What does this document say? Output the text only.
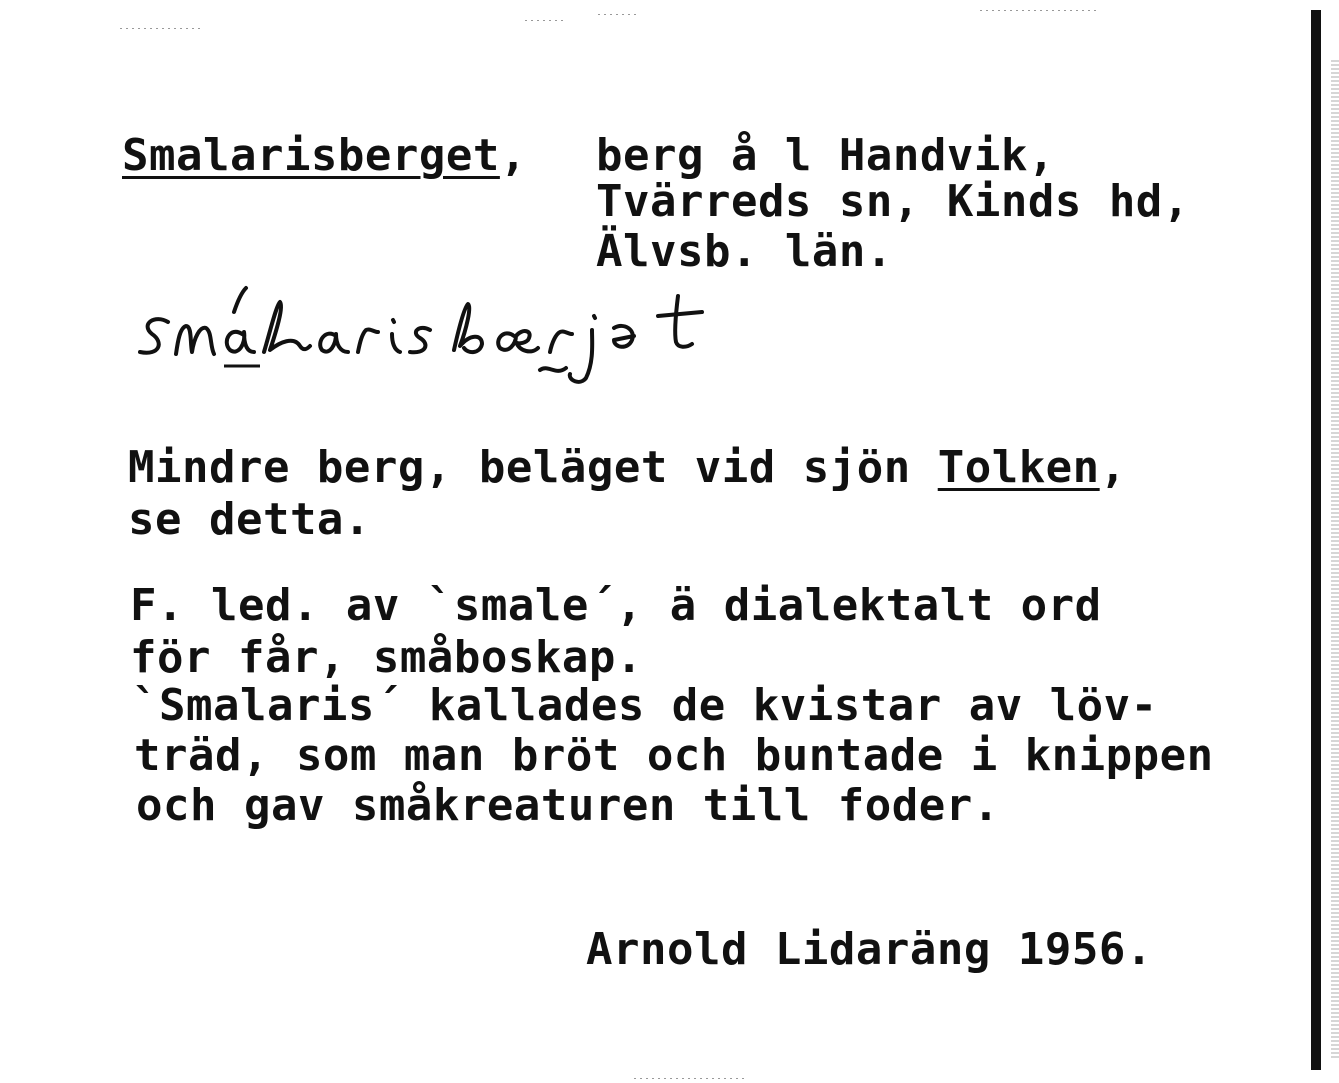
Smalarisberget, berg å l Handvik,
Tvärreds sn, Kinds hd,
Älvsb. län.
Mindre berg, beläget vid sjön Tolken,
se detta.
F. led. av `smale´, ä dialektalt ord
för får, småboskap.
`Smalaris´ kallades de kvistar av löv-
träd, som man bröt och buntade i knippen
och gav småkreaturen till foder.
Arnold Lidaräng 1956.
